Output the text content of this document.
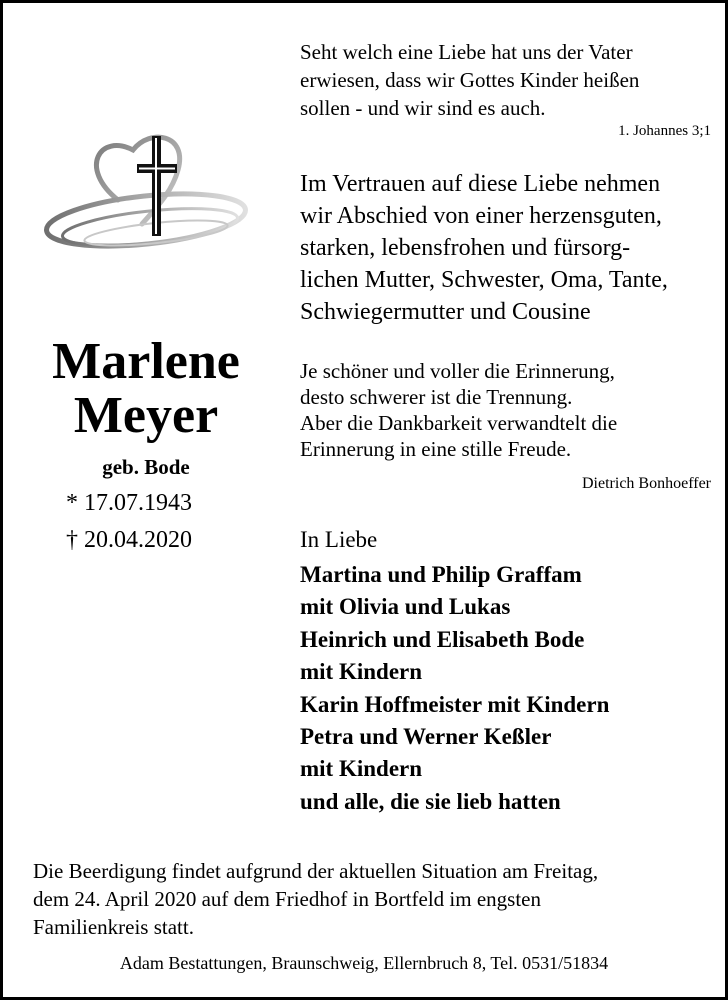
Seht welch eine Liebe hat uns der Vater
erwiesen, dass wir Gottes Kinder heißen
sollen - und wir sind es auch.
1. Johannes 3;1
Im Vertrauen auf diese Liebe nehmen
wir Abschied von einer herzensguten,
starken, lebensfrohen und fürsorg-
lichen Mutter, Schwester, Oma, Tante,
Schwiegermutter und Cousine
Marlene
Meyer
geb. Bode
* 17.07.1943
† 20.04.2020
Je schöner und voller die Erinnerung,
desto schwerer ist die Trennung.
Aber die Dankbarkeit verwandtelt die
Erinnerung in eine stille Freude.
Dietrich Bonhoeffer
In Liebe
Martina und Philip Graffam
mit Olivia und Lukas
Heinrich und Elisabeth Bode
mit Kindern
Karin Hoffmeister mit Kindern
Petra und Werner Keßler
mit Kindern
und alle, die sie lieb hatten
Die Beerdigung findet aufgrund der aktuellen Situation am Freitag,
dem 24. April 2020 auf dem Friedhof in Bortfeld im engsten
Familienkreis statt.
Adam Bestattungen, Braunschweig, Ellernbruch 8, Tel. 0531/51834
